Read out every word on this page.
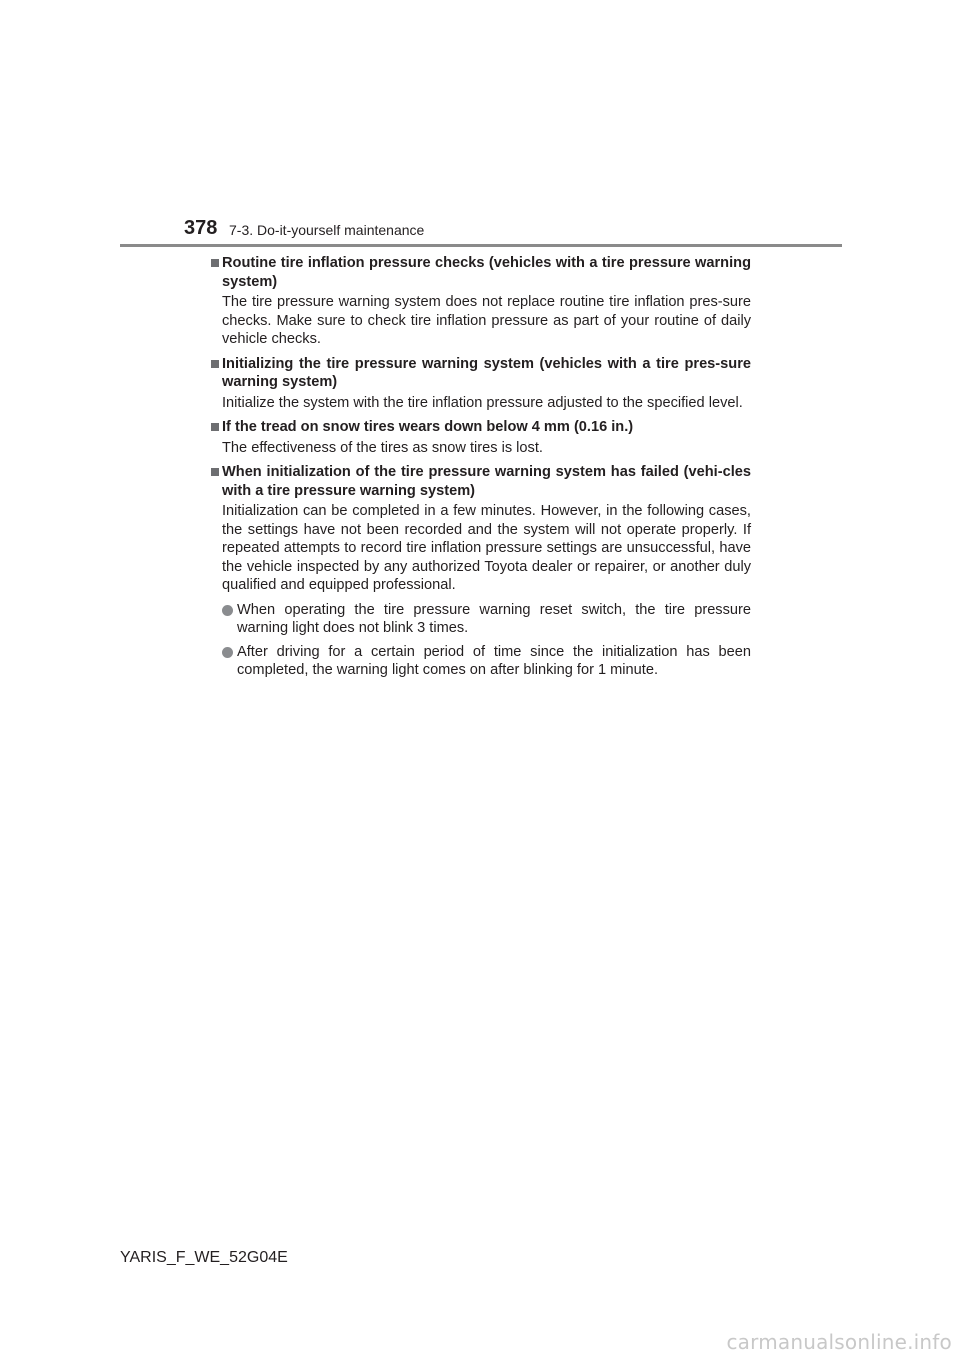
378 7-3. Do-it-yourself maintenance
Routine tire inflation pressure checks (vehicles with a tire pressure warning system)

The tire pressure warning system does not replace routine tire inflation pres-sure checks. Make sure to check tire inflation pressure as part of your routine of daily vehicle checks.

Initializing the tire pressure warning system (vehicles with a tire pres-sure warning system)

Initialize the system with the tire inflation pressure adjusted to the specified level.

If the tread on snow tires wears down below 4 mm (0.16 in.)

The effectiveness of the tires as snow tires is lost.

When initialization of the tire pressure warning system has failed (vehi-cles with a tire pressure warning system)

Initialization can be completed in a few minutes. However, in the following cases, the settings have not been recorded and the system will not operate properly. If repeated attempts to record tire inflation pressure settings are unsuccessful, have the vehicle inspected by any authorized Toyota dealer or repairer, or another duly qualified and equipped professional.

When operating the tire pressure warning reset switch, the tire pressure warning light does not blink 3 times.
After driving for a certain period of time since the initialization has been completed, the warning light comes on after blinking for 1 minute.
YARIS_F_WE_52G04E
carmanualsonline.info
